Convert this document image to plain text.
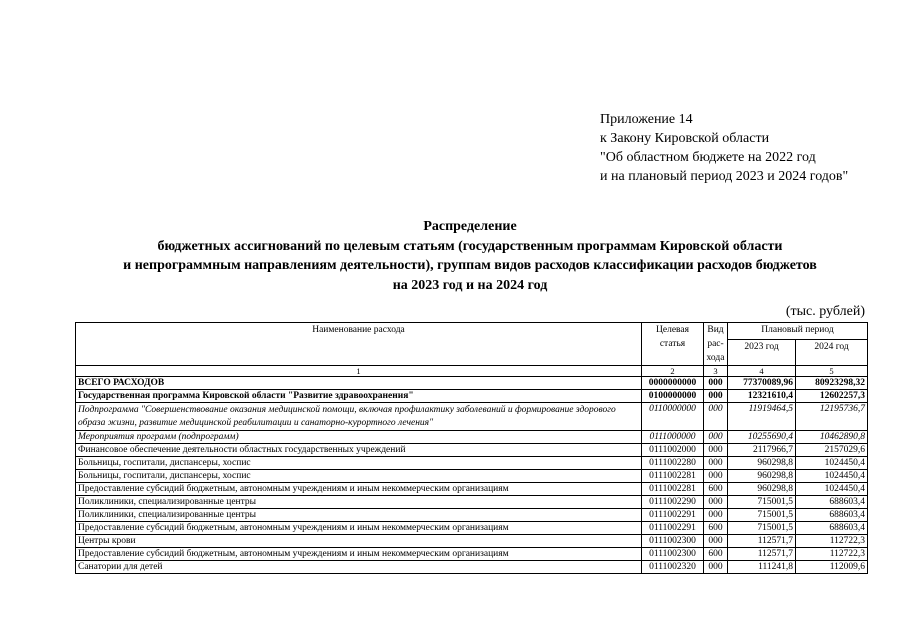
Приложение 14
к Закону Кировской области
"Об областном бюджете на 2022 год
и на плановый период 2023 и 2024 годов"
Распределение
бюджетных ассигнований по целевым статьям (государственным программам Кировской области
и непрограммным направлениям деятельности), группам видов расходов классификации расходов бюджетов
на 2023 год и на 2024 год
(тыс. рублей)
Наименование расхода	Целевая статья	Вид рас-хода	Плановый период	
			2023 год	2024 год
1	2	3	4	5
ВСЕГО РАСХОДОВ	0000000000	000	77370089,96	80923298,32
Государственная программа Кировской области "Развитие здравоохранения"	0100000000	000	12321610,4	12602257,3
Подпрограмма "Совершенствование оказания медицинской помощи, включая профилактику заболеваний и формирование здорового образа жизни, развитие медицинской реабилитации и санаторно-курортного лечения"	0110000000	000	11919464,5	12195736,7
Мероприятия программ (подпрограмм)	0111000000	000	10255690,4	10462890,8
Финансовое обеспечение деятельности областных государственных учреждений	0111002000	000	2117966,7	2157029,6
Больницы, госпитали, диспансеры, хоспис	0111002280	000	960298,8	1024450,4
Больницы, госпитали, диспансеры, хоспис	0111002281	000	960298,8	1024450,4
Предоставление субсидий бюджетным, автономным учреждениям и иным некоммерческим организациям	0111002281	600	960298,8	1024450,4
Поликлиники, специализированные центры	0111002290	000	715001,5	688603,4
Поликлиники, специализированные центры	0111002291	000	715001,5	688603,4
Предоставление субсидий бюджетным, автономным учреждениям и иным некоммерческим организациям	0111002291	600	715001,5	688603,4
Центры крови	0111002300	000	112571,7	112722,3
Предоставление субсидий бюджетным, автономным учреждениям и иным некоммерческим организациям	0111002300	600	112571,7	112722,3
Санатории для детей	0111002320	000	111241,8	112009,6
